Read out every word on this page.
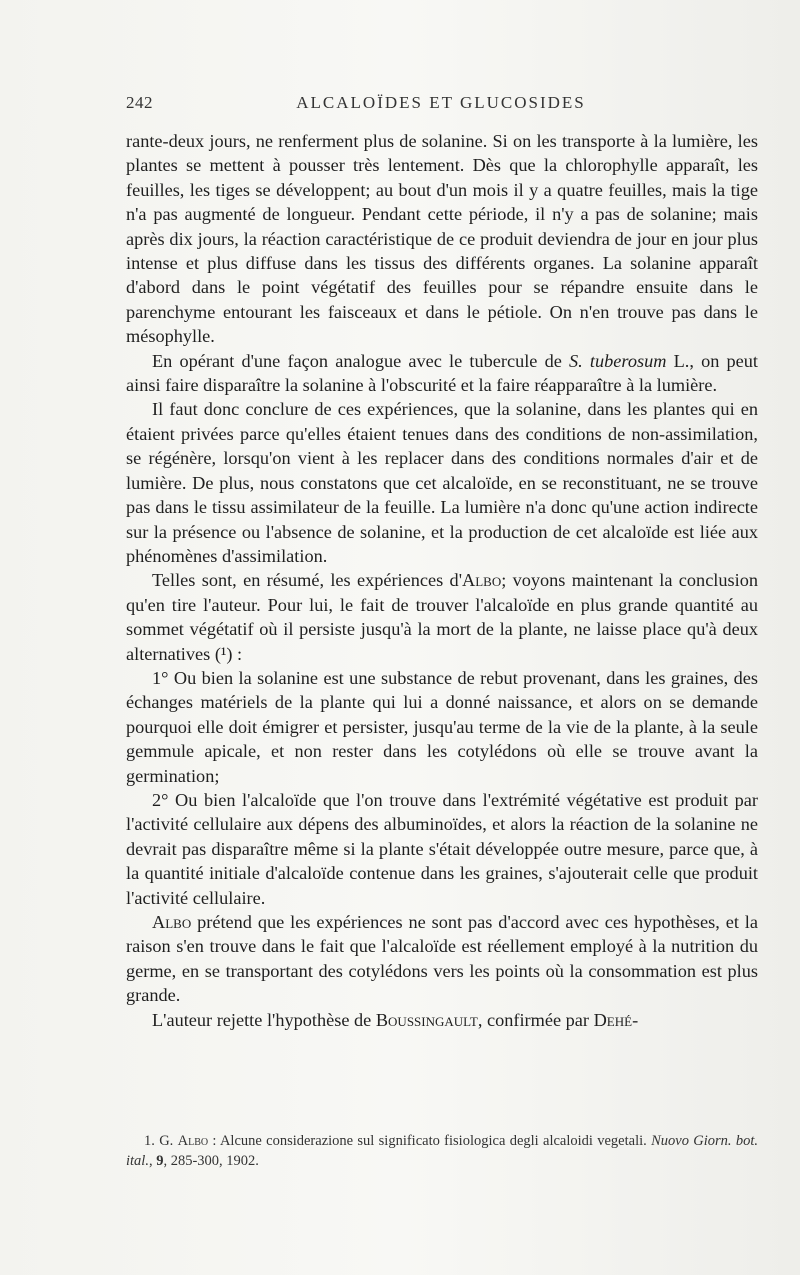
242	ALCALOÏDES ET GLUCOSIDES

rante-deux jours, ne renferment plus de solanine. Si on les transporte à la lumière, les plantes se mettent à pousser très lentement. Dès que la chlorophylle apparaît, les feuilles, les tiges se développent; au bout d'un mois il y a quatre feuilles, mais la tige n'a pas augmenté de longueur. Pendant cette période, il n'y a pas de solanine; mais après dix jours, la réaction caractéristique de ce produit deviendra de jour en jour plus intense et plus diffuse dans les tissus des différents organes. La solanine apparaît d'abord dans le point végétatif des feuilles pour se répandre ensuite dans le parenchyme entourant les faisceaux et dans le pétiole. On n'en trouve pas dans le mésophylle.

En opérant d'une façon analogue avec le tubercule de S. tuberosum L., on peut ainsi faire disparaître la solanine à l'obscurité et la faire réapparaître à la lumière.

Il faut donc conclure de ces expériences, que la solanine, dans les plantes qui en étaient privées parce qu'elles étaient tenues dans des conditions de non-assimilation, se régénère, lorsqu'on vient à les replacer dans des conditions normales d'air et de lumière. De plus, nous constatons que cet alcaloïde, en se reconstituant, ne se trouve pas dans le tissu assimilateur de la feuille. La lumière n'a donc qu'une action indirecte sur la présence ou l'absence de solanine, et la production de cet alcaloïde est liée aux phénomènes d'assimilation.

Telles sont, en résumé, les expériences d'Albo; voyons maintenant la conclusion qu'en tire l'auteur. Pour lui, le fait de trouver l'alcaloïde en plus grande quantité au sommet végétatif où il persiste jusqu'à la mort de la plante, ne laisse place qu'à deux alternatives (¹) :

1° Ou bien la solanine est une substance de rebut provenant, dans les graines, des échanges matériels de la plante qui lui a donné naissance, et alors on se demande pourquoi elle doit émigrer et persister, jusqu'au terme de la vie de la plante, à la seule gemmule apicale, et non rester dans les cotylédons où elle se trouve avant la germination;

2° Ou bien l'alcaloïde que l'on trouve dans l'extrémité végétative est produit par l'activité cellulaire aux dépens des albuminoïdes, et alors la réaction de la solanine ne devrait pas disparaître même si la plante s'était développée outre mesure, parce que, à la quantité initiale d'alcaloïde contenue dans les graines, s'ajouterait celle que produit l'activité cellulaire.

Albo prétend que les expériences ne sont pas d'accord avec ces hypothèses, et la raison s'en trouve dans le fait que l'alcaloïde est réellement employé à la nutrition du germe, en se transportant des cotylédons vers les points où la consommation est plus grande.

L'auteur rejette l'hypothèse de Boussingault, confirmée par Dehé-

1. G. Albo : Alcune considerazione sul significato fisiologica degli alcaloidi vegetali. Nuovo Giorn. bot. ital., 9, 285-300, 1902.
